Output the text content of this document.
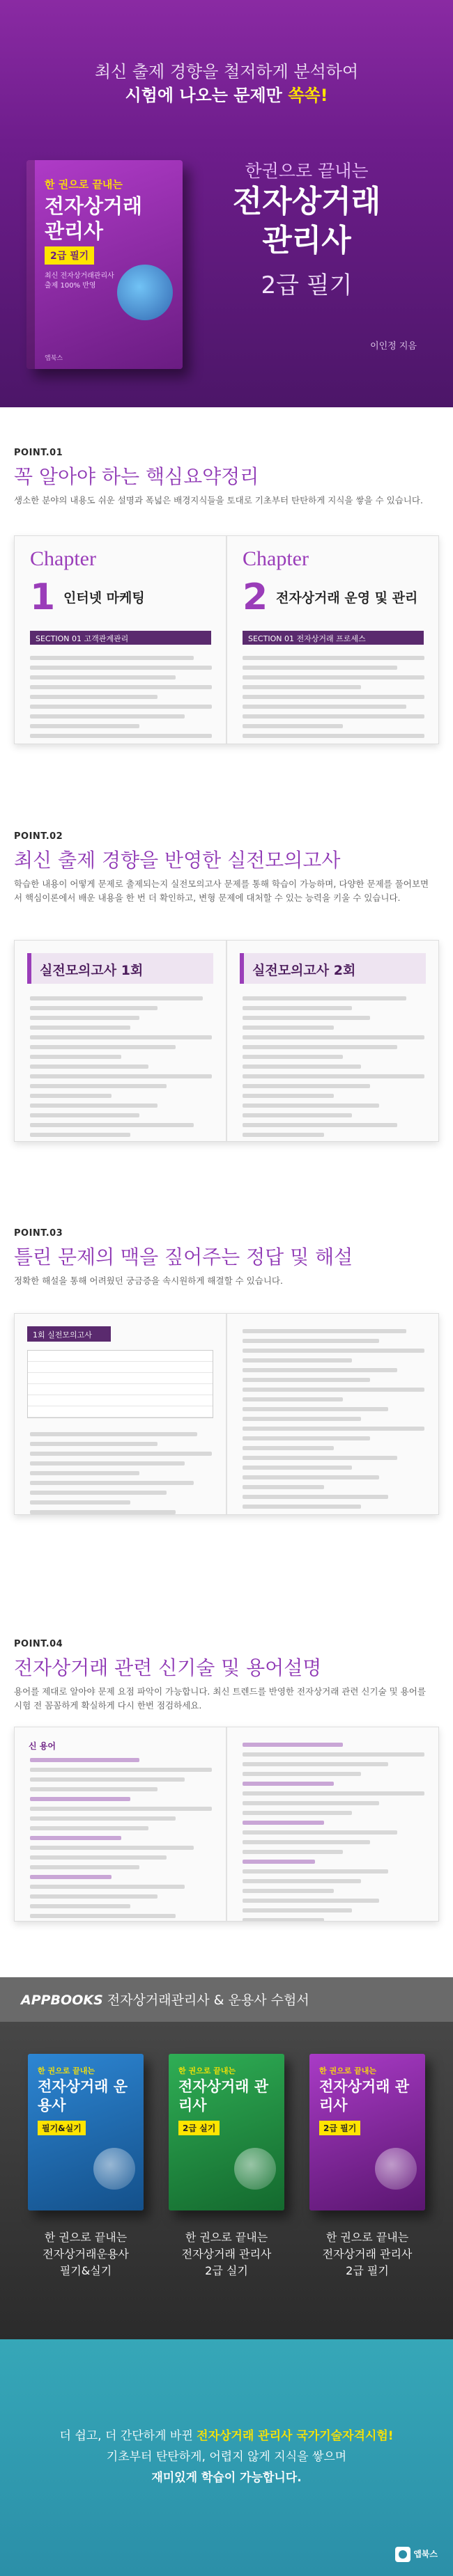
최신 출제 경향을 철저하게 분석하여
시험에 나오는 문제만 쏙쏙!
한 권으로 끝내는
전자상거래
관리사
2급 필기
최신 전자상거래관리사 출제 100% 반영
앱북스
한권으로 끝내는
전자상거래
관리사
2급 필기
이인정 지음
POINT.01
꼭 알아야 하는 핵심요약정리
생소한 분야의 내용도 쉬운 설명과 폭넓은 배경지식들을 토대로 기초부터 탄탄하게 지식을 쌓을 수 있습니다.
Chapter
1 인터넷 마케팅
SECTION 01 고객관계관리
Chapter
2 전자상거래 운영 및 관리
SECTION 01 전자상거래 프로세스
POINT.02
최신 출제 경향을 반영한 실전모의고사
학습한 내용이 어떻게 문제로 출제되는지 실전모의고사 문제를 통해 학습이 가능하며, 다양한 문제를 풀어보면서 핵심이론에서 배운 내용을 한 번 더 확인하고, 변형 문제에 대처할 수 있는 능력을 키울 수 있습니다.
실전모의고사 1회	실전모의고사 2회
POINT.03
틀린 문제의 맥을 짚어주는 정답 및 해설
정확한 해설을 통해 어려웠던 궁금증을 속시원하게 해결할 수 있습니다.
1회 실전모의고사
POINT.04
전자상거래 관련 신기술 및 용어설명
용어를 제대로 알아야 문제 요점 파악이 가능합니다. 최신 트렌드를 반영한 전자상거래 관련 신기술 및 용어를 시험 전 꼼꼼하게 확실하게 다시 한번 점검하세요.
신 용어
APPBOOKS 전자상거래관리사 & 운용사 수험서
한 권으로 끝내는
전자상거래 운용사
필기&실기
한 권으로 끝내는
전자상거래 관리사
2급 실기
한 권으로 끝내는
전자상거래 관리사
2급 필기
한 권으로 끝내는
전자상거래운용사
필기&실기
한 권으로 끝내는
전자상거래 관리사
2급 실기
한 권으로 끝내는
전자상거래 관리사
2급 필기
더 쉽고, 더 간단하게 바뀐 전자상거래 관리사 국가기술자격시험!
기초부터 탄탄하게, 어렵지 않게 지식을 쌓으며
재미있게 학습이 가능합니다.
앱북스
